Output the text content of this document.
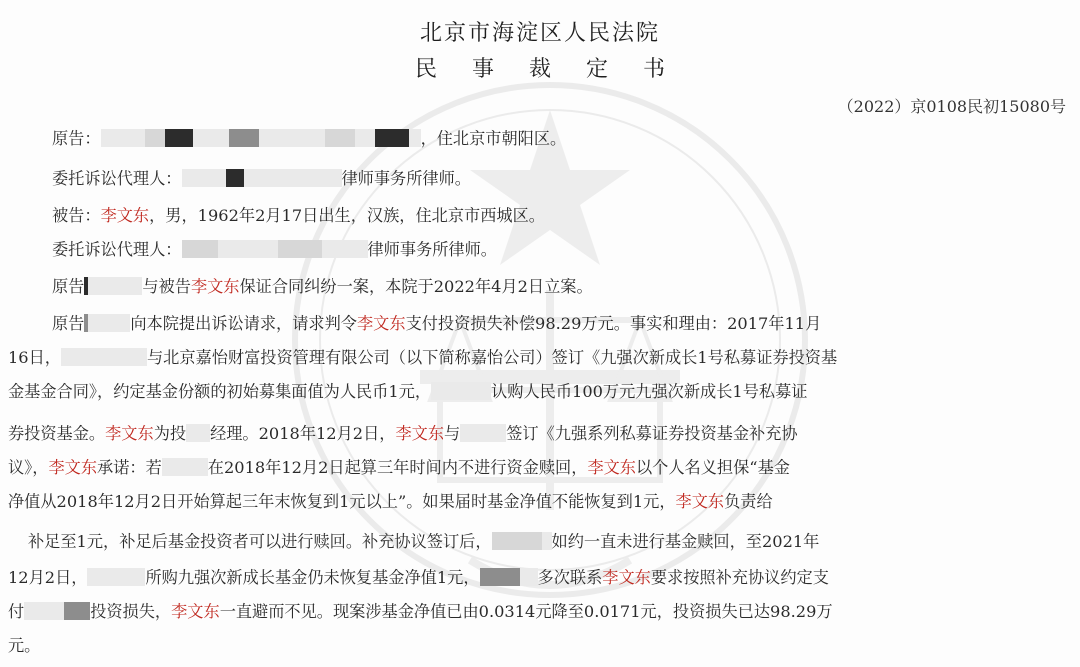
北京市海淀区人民法院
民 事 裁 定 书
（2022）京0108民初15080号
原告：	，住北京市朝阳区。
委托诉讼代理人：	律师事务所律师。
被告：李文东，男，1962年2月17日出生，汉族，住北京市西城区。
委托诉讼代理人：	律师事务所律师。
原告	与被告李文东保证合同纠纷一案，本院于2022年4月2日立案。
原告	向本院提出诉讼请求，请求判令李文东支付投资损失补偿98.29万元。事实和理由：2017年11月
16日，	与北京嘉怡财富投资管理有限公司（以下简称嘉怡公司）签订《九强次新成长1号私募证券投资基
金基金合同》，约定基金份额的初始募集面值为人民币1元，	认购人民币100万元九强次新成长1号私募证
券投资基金。李文东为投 经理。2018年12月2日，李文东与	签订《九强系列私募证券投资基金补充协
议》，李文东承诺：若	在2018年12月2日起算三年时间内不进行资金赎回，李文东以个人名义担保“基金
净值从2018年12月2日开始算起三年末恢复到1元以上”。如果届时基金净值不能恢复到1元，李文东负责给
补足至1元，补足后基金投资者可以进行赎回。补充协议签订后，	如约一直未进行基金赎回，至2021年
12月2日，	所购九强次新成长基金仍未恢复基金净值1元，	多次联系李文东要求按照补充协议约定支
付	投资损失，李文东一直避而不见。现案涉基金净值已由0.0314元降至0.0171元，投资损失已达98.29万
元。
